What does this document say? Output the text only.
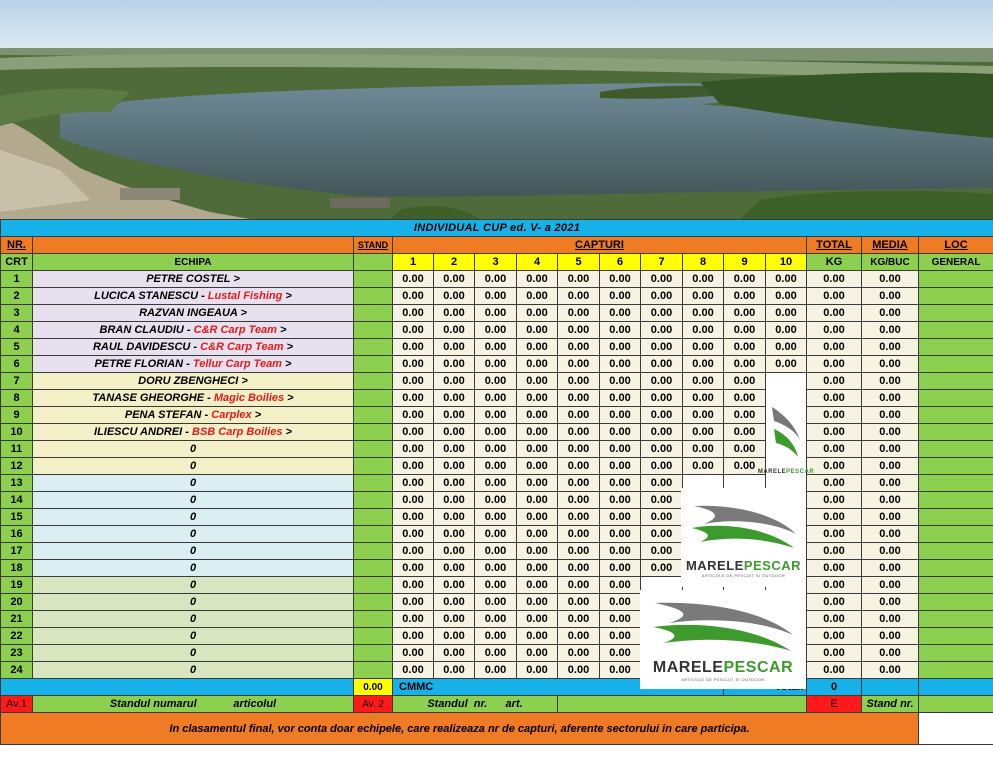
INDIVIDUAL CUP ed. V- a 2021															
NR.		STAND	CAPTURI										TOTAL	MEDIA	LOC
CRT	ECHIPA		1	2	3	4	5	6	7	8	9	10	KG	KG/BUC	GENERAL
1	PETRE COSTEL >		0.00	0.00	0.00	0.00	0.00	0.00	0.00	0.00	0.00	0.00	0.00	0.00	
2	LUCICA STANESCU - Lustal Fishing >		0.00	0.00	0.00	0.00	0.00	0.00	0.00	0.00	0.00	0.00	0.00	0.00	
3	RAZVAN INGEAUA >		0.00	0.00	0.00	0.00	0.00	0.00	0.00	0.00	0.00	0.00	0.00	0.00	
4	BRAN CLAUDIU - C&R Carp Team >		0.00	0.00	0.00	0.00	0.00	0.00	0.00	0.00	0.00	0.00	0.00	0.00	
5	RAUL DAVIDESCU - C&R Carp Team >		0.00	0.00	0.00	0.00	0.00	0.00	0.00	0.00	0.00	0.00	0.00	0.00	
6	PETRE FLORIAN - Tellur Carp Team >		0.00	0.00	0.00	0.00	0.00	0.00	0.00	0.00	0.00	0.00	0.00	0.00	
7	DORU ZBENGHECI >		0.00	0.00	0.00	0.00	0.00	0.00	0.00	0.00	0.00		0.00	0.00	
8	TANASE GHEORGHE - Magic Boilies >		0.00	0.00	0.00	0.00	0.00	0.00	0.00	0.00	0.00		0.00	0.00	
9	PENA STEFAN - Carplex >		0.00	0.00	0.00	0.00	0.00	0.00	0.00	0.00	0.00		0.00	0.00	
10	ILIESCU ANDREI - BSB Carp Boilies >		0.00	0.00	0.00	0.00	0.00	0.00	0.00	0.00	0.00		0.00	0.00	
11	0		0.00	0.00	0.00	0.00	0.00	0.00	0.00	0.00	0.00		0.00	0.00	
12	0		0.00	0.00	0.00	0.00	0.00	0.00	0.00	0.00	0.00		0.00	0.00	
13	0		0.00	0.00	0.00	0.00	0.00	0.00	0.00				0.00	0.00	
14	0		0.00	0.00	0.00	0.00	0.00	0.00	0.00				0.00	0.00	
15	0		0.00	0.00	0.00	0.00	0.00	0.00	0.00				0.00	0.00	
16	0		0.00	0.00	0.00	0.00	0.00	0.00	0.00				0.00	0.00	
17	0		0.00	0.00	0.00	0.00	0.00	0.00	0.00				0.00	0.00	
18	0		0.00	0.00	0.00	0.00	0.00	0.00	0.00				0.00	0.00	
19	0		0.00	0.00	0.00	0.00	0.00	0.00					0.00	0.00	
20	0		0.00	0.00	0.00	0.00	0.00	0.00					0.00	0.00	
21	0		0.00	0.00	0.00	0.00	0.00	0.00					0.00	0.00	
22	0		0.00	0.00	0.00	0.00	0.00	0.00					0.00	0.00	
23	0		0.00	0.00	0.00	0.00	0.00	0.00					0.00	0.00	
24	0		0.00	0.00	0.00	0.00	0.00	0.00					0.00	0.00	
		0.00	CMMC										0		
Av.1	Standul numarul            articolul	Av. 2	Standul  nr.      art.										E	Stand nr.	
In clasamentul final, vor conta doar echipele, care realizeaza nr de capturi, aferente sectorului in care participa.															
MARELEPESCAR
MARELEPESCAR
ARTICOLE DE PESCUIT ȘI OUTDOOR
MARELEPESCAR
ARTICOLE DE PESCUIT ȘI OUTDOOR
